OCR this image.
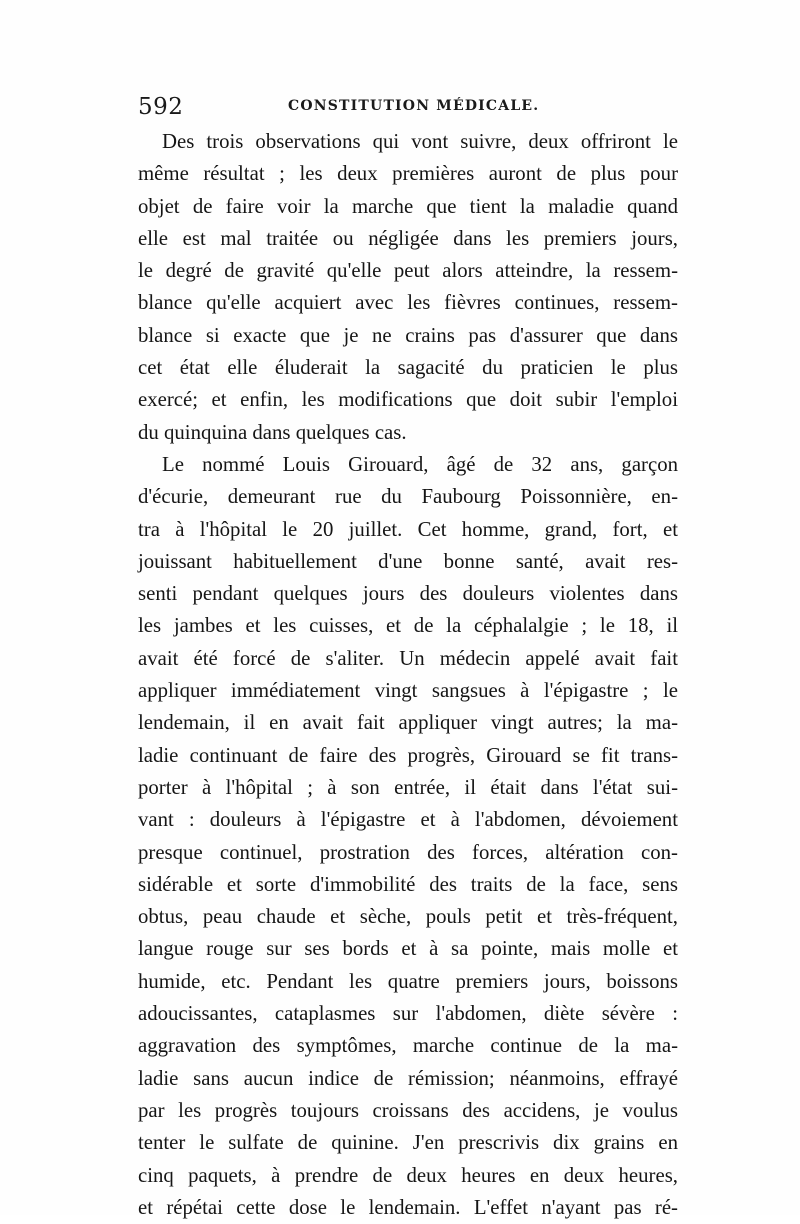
592	CONSTITUTION MÉDICALE.
Des trois observations qui vont suivre, deux offriront le
même résultat ; les deux premières auront de plus pour
objet de faire voir la marche que tient la maladie quand
elle est mal traitée ou négligée dans les premiers jours,
le degré de gravité qu'elle peut alors atteindre, la ressem-
blance qu'elle acquiert avec les fièvres continues, ressem-
blance si exacte que je ne crains pas d'assurer que dans
cet état elle éluderait la sagacité du praticien le plus
exercé; et enfin, les modifications que doit subir l'emploi
du quinquina dans quelques cas.
Le nommé Louis Girouard, âgé de 32 ans, garçon
d'écurie, demeurant rue du Faubourg Poissonnière, en-
tra à l'hôpital le 20 juillet. Cet homme, grand, fort, et
jouissant habituellement d'une bonne santé, avait res-
senti pendant quelques jours des douleurs violentes dans
les jambes et les cuisses, et de la céphalalgie ; le 18, il
avait été forcé de s'aliter. Un médecin appelé avait fait
appliquer immédiatement vingt sangsues à l'épigastre ; le
lendemain, il en avait fait appliquer vingt autres; la ma-
ladie continuant de faire des progrès, Girouard se fit trans-
porter à l'hôpital ; à son entrée, il était dans l'état sui-
vant : douleurs à l'épigastre et à l'abdomen, dévoiement
presque continuel, prostration des forces, altération con-
sidérable et sorte d'immobilité des traits de la face, sens
obtus, peau chaude et sèche, pouls petit et très-fréquent,
langue rouge sur ses bords et à sa pointe, mais molle et
humide, etc. Pendant les quatre premiers jours, boissons
adoucissantes, cataplasmes sur l'abdomen, diète sévère :
aggravation des symptômes, marche continue de la ma-
ladie sans aucun indice de rémission; néanmoins, effrayé
par les progrès toujours croissans des accidens, je voulus
tenter le sulfate de quinine. J'en prescrivis dix grains en
cinq paquets, à prendre de deux heures en deux heures,
et répétai cette dose le lendemain. L'effet n'ayant pas ré-
